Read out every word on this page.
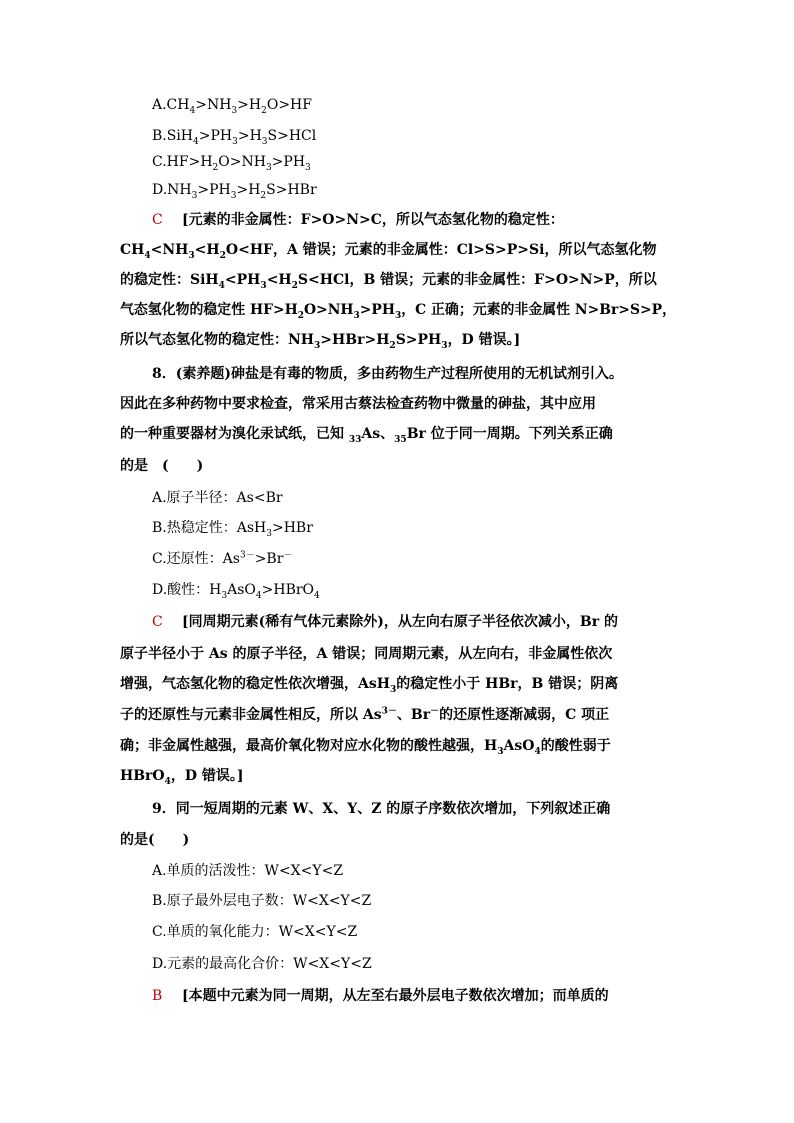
$A.CH_4>NH_3>H_2O>HF$
$B.SiH_4>PH_3>H_3S>HCl$
$C.HF>H_2O>NH_3>PH_3$
$D.NH_3>PH_3>H_2S>HBr$
C [元素的非金属性：F>O>N>C，所以气态氢化物的稳定性：
$CH_4<NH_3<H_2O<HF$，A 错误；元素的非金属性：Cl>S>P>Si，所以气态氢化物
的稳定性：$SiH_4<PH_3<H_2S<HCl$，B 错误；元素的非金属性：F>O>N>P，所以
气态氢化物的稳定性 $HF>H_2O>NH_3>PH_3$，C 正确；元素的非金属性 N>Br>S>P，
所以气态氢化物的稳定性：$NH_3>HBr>H_2S>PH_3$，D 错误。]
8．(素养题)砷盐是有毒的物质，多由药物生产过程所使用的无机试剂引入。
因此在多种药物中要求检查，常采用古蔡法检查药物中微量的砷盐，其中应用
的一种重要器材为溴化汞试纸，已知 $_{33}$As、$_{35}$Br 位于同一周期。下列关系正确
的是　(　　)
A.原子半径：As<Br
B.热稳定性：AsH$_3$>HBr
C.还原性：$As^{3-}>Br^-$
D.酸性：$H_3AsO_4>HBrO_4$
C [同周期元素(稀有气体元素除外)，从左向右原子半径依次减小，Br 的
原子半径小于 As 的原子半径，A 错误；同周期元素，从左向右，非金属性依次
增强，气态氢化物的稳定性依次增强，AsH$_3$的稳定性小于 HBr，B 错误；阴离
子的还原性与元素非金属性相反，所以 $As^{3-}$、Br－的还原性逐渐减弱，C 项正
确；非金属性越强，最高价氧化物对应水化物的酸性越强，$H_3AsO_4$的酸性弱于
HBrO$_4$，D 错误。]
9．同一短周期的元素 W、X、Y、Z 的原子序数依次增加，下列叙述正确
的是(　　)
A.单质的活泼性：W<X<Y<Z
B.原子最外层电子数：W<X<Y<Z
C.单质的氧化能力：W<X<Y<Z
D.元素的最高化合价：W<X<Y<Z
B [本题中元素为同一周期，从左至右最外层电子数依次增加；而单质的
